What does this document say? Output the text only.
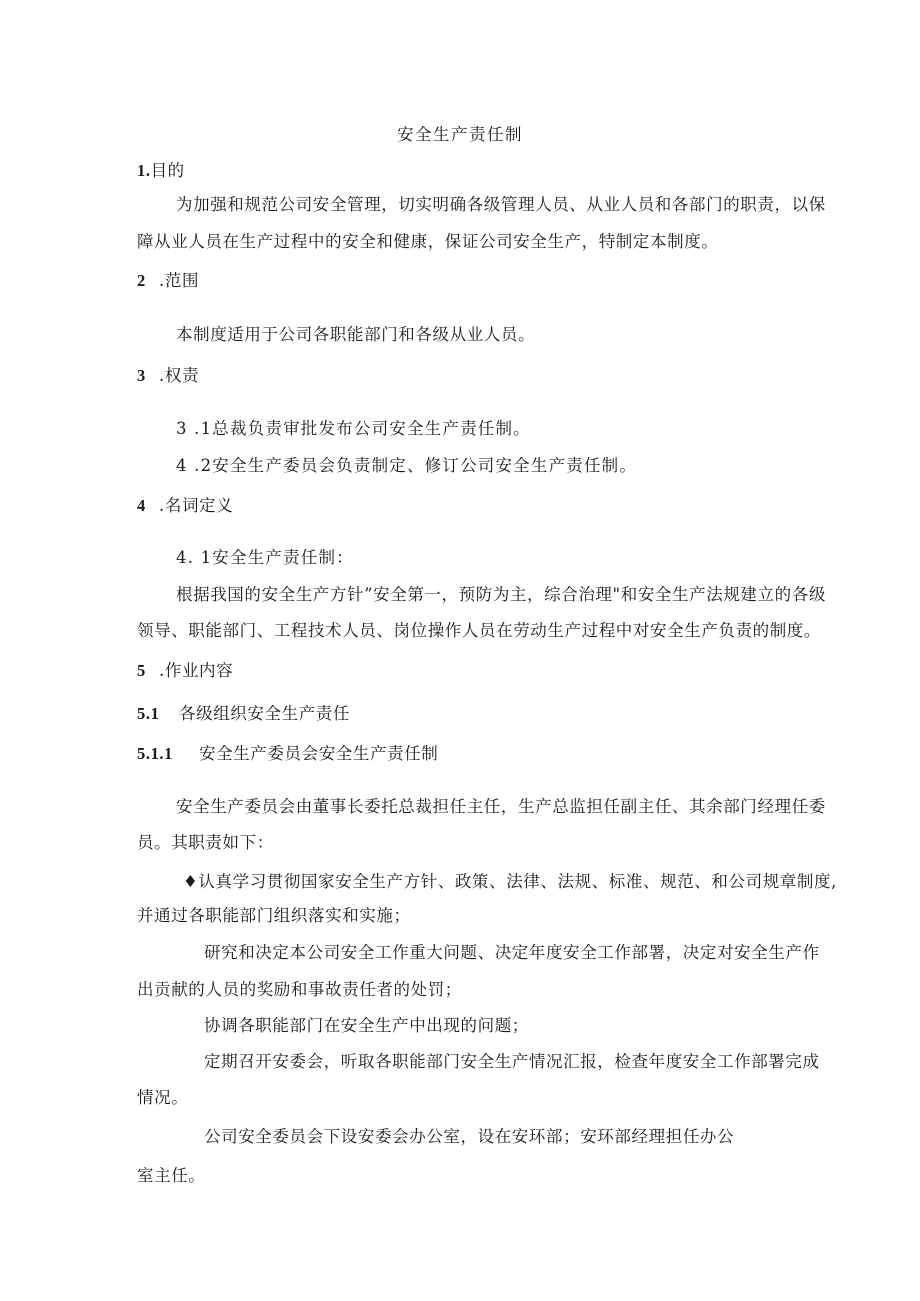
安全生产责任制
1.目的
为加强和规范公司安全管理，切实明确各级管理人员、从业人员和各部门的职责，以保
障从业人员在生产过程中的安全和健康，保证公司安全生产，特制定本制度。
2 .范围
本制度适用于公司各职能部门和各级从业人员。
3 .权责
3 .1总裁负责审批发布公司安全生产责任制。
4 .2安全生产委员会负责制定、修订公司安全生产责任制。
4 .名词定义
4. 1安全生产责任制：
根据我国的安全生产方针”安全第一，预防为主，综合治理"和安全生产法规建立的各级
领导、职能部门、工程技术人员、岗位操作人员在劳动生产过程中对安全生产负责的制度。
5 .作业内容
5.1 各级组织安全生产责任
5.1.1 安全生产委员会安全生产责任制
安全生产委员会由董事长委托总裁担任主任，生产总监担任副主任、其余部门经理任委
员。其职责如下：
♦认真学习贯彻国家安全生产方针、政策、法律、法规、标准、规范、和公司规章制度,
并通过各职能部门组织落实和实施；
研究和决定本公司安全工作重大问题、决定年度安全工作部署，决定对安全生产作
出贡献的人员的奖励和事故责任者的处罚；
协调各职能部门在安全生产中出现的问题；
定期召开安委会，听取各职能部门安全生产情况汇报，检查年度安全工作部署完成
情况。
公司安全委员会下设安委会办公室，设在安环部；安环部经理担任办公
室主任。
